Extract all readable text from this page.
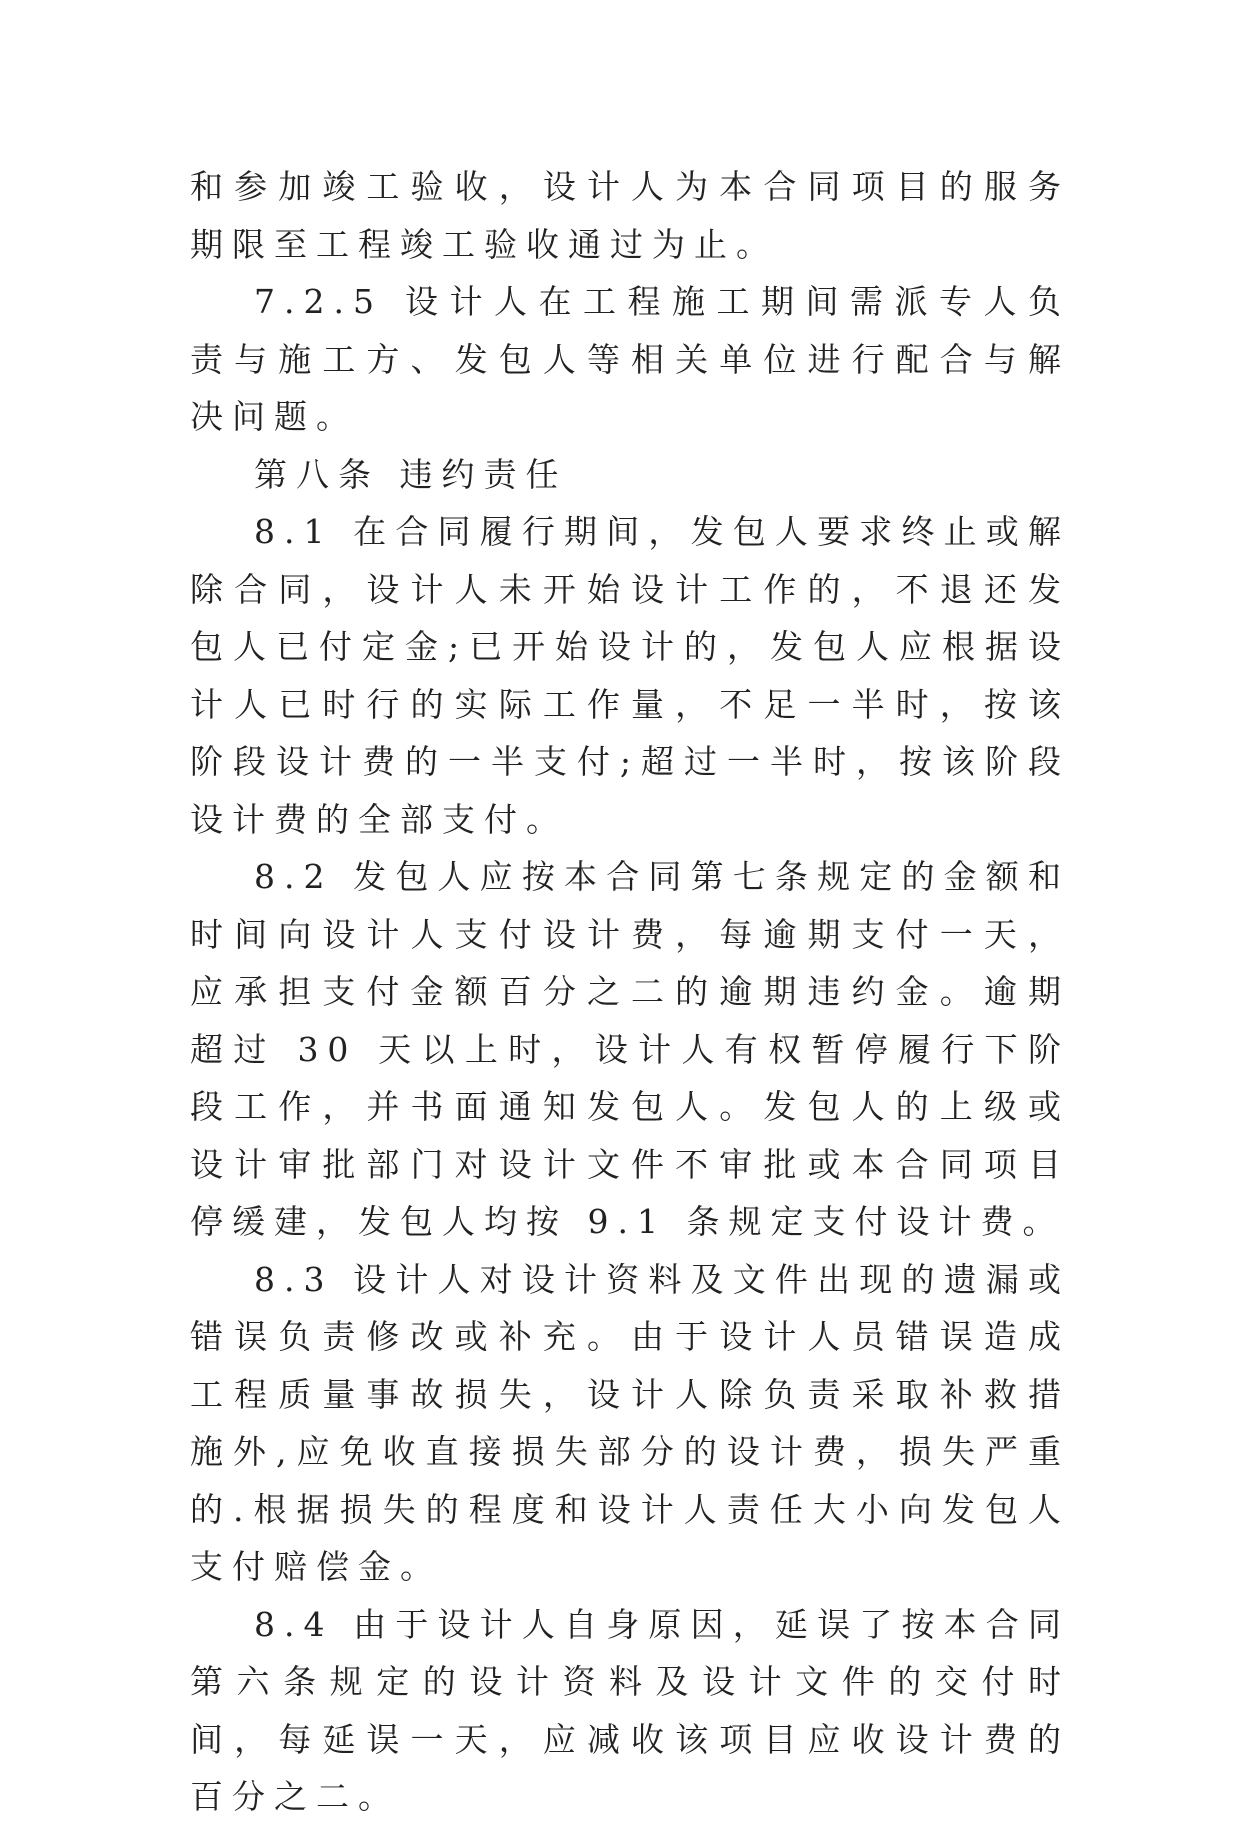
和参加竣工验收，设计人为本合同项目的服务期限至工程竣工验收通过为止。

7.2.5 设计人在工程施工期间需派专人负责与施工方、发包人等相关单位进行配合与解决问题。

第八条 违约责任

8.1 在合同履行期间，发包人要求终止或解除合同，设计人未开始设计工作的，不退还发包人已付定金;已开始设计的，发包人应根据设计人已时行的实际工作量，不足一半时，按该阶段设计费的一半支付;超过一半时，按该阶段设计费的全部支付。

8.2 发包人应按本合同第七条规定的金额和时间向设计人支付设计费，每逾期支付一天，应承担支付金额百分之二的逾期违约金。逾期超过 30 天以上时，设计人有权暂停履行下阶段工作，并书面通知发包人。发包人的上级或设计审批部门对设计文件不审批或本合同项目停缓建，发包人均按 9.1 条规定支付设计费。

8.3 设计人对设计资料及文件出现的遗漏或错误负责修改或补充。由于设计人员错误造成工程质量事故损失，设计人除负责采取补救措施外,应免收直接损失部分的设计费，损失严重的.根据损失的程度和设计人责任大小向发包人支付赔偿金。

8.4 由于设计人自身原因，延误了按本合同第六条规定的设计资料及设计文件的交付时间，每延误一天，应减收该项目应收设计费的百分之二。
